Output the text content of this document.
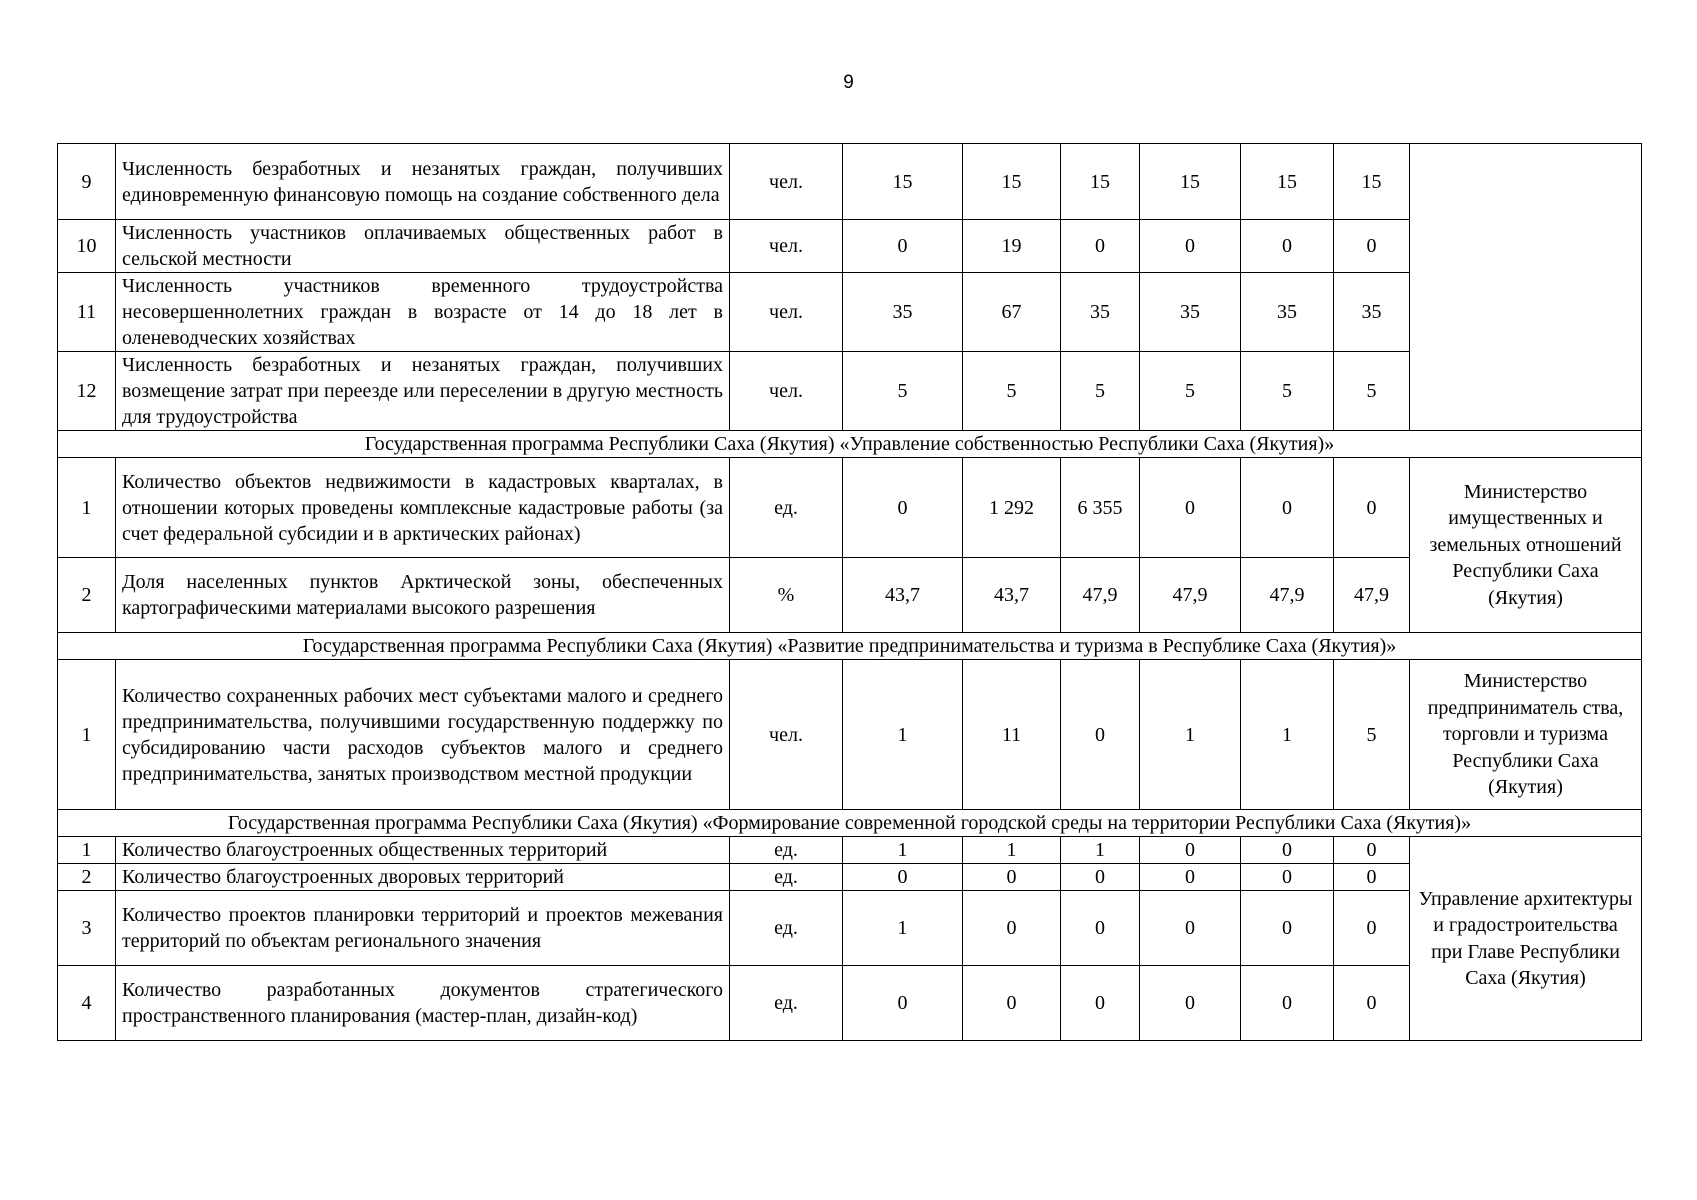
9
9	Численность безработных и незанятых граждан, получивших единовременную финансовую помощь на создание собственного дела	чел.	15	15	15	15	15	15	
10	Численность участников оплачиваемых общественных работ в сельской местности	чел.	0	19	0	0	0	0	
11	Численность участников временного трудоустройства несовершеннолетних граждан в возрасте от 14 до 18 лет в оленеводческих хозяйствах	чел.	35	67	35	35	35	35	
12	Численность безработных и незанятых граждан, получивших возмещение затрат при переезде или переселении в другую местность для трудоустройства	чел.	5	5	5	5	5	5	
Государственная программа Республики Саха (Якутия) «Управление собственностью Республики Саха (Якутия)»									
1	Количество объектов недвижимости в кадастровых кварталах, в отношении которых проведены комплексные кадастровые работы (за счет федеральной субсидии и в арктических районах)	ед.	0	1 292	6 355	0	0	0	Министерство имущественных и земельных отношений Республики Саха (Якутия)
2	Доля населенных пунктов Арктической зоны, обеспеченных картографическими материалами высокого разрешения	%	43,7	43,7	47,9	47,9	47,9	47,9	
Государственная программа Республики Саха (Якутия) «Развитие предпринимательства и туризма в Республике Саха (Якутия)»									
1	Количество сохраненных рабочих мест субъектами малого и среднего предпринимательства, получившими государственную поддержку по субсидированию части расходов субъектов малого и среднего предпринимательства, занятых производством местной продукции	чел.	1	11	0	1	1	5	Министерство предприниматель ства, торговли и туризма Республики Саха (Якутия)
Государственная программа Республики Саха (Якутия) «Формирование современной городской среды на территории Республики Саха (Якутия)»									
1	Количество благоустроенных общественных территорий	ед.	1	1	1	0	0	0	Управление архитектуры и градостроительства при Главе Республики Саха (Якутия)
2	Количество благоустроенных дворовых территорий	ед.	0	0	0	0	0	0	
3	Количество проектов планировки территорий и проектов межевания территорий по объектам регионального значения	ед.	1	0	0	0	0	0	
4	Количество разработанных документов стратегического пространственного планирования (мастер-план, дизайн-код)	ед.	0	0	0	0	0	0	
